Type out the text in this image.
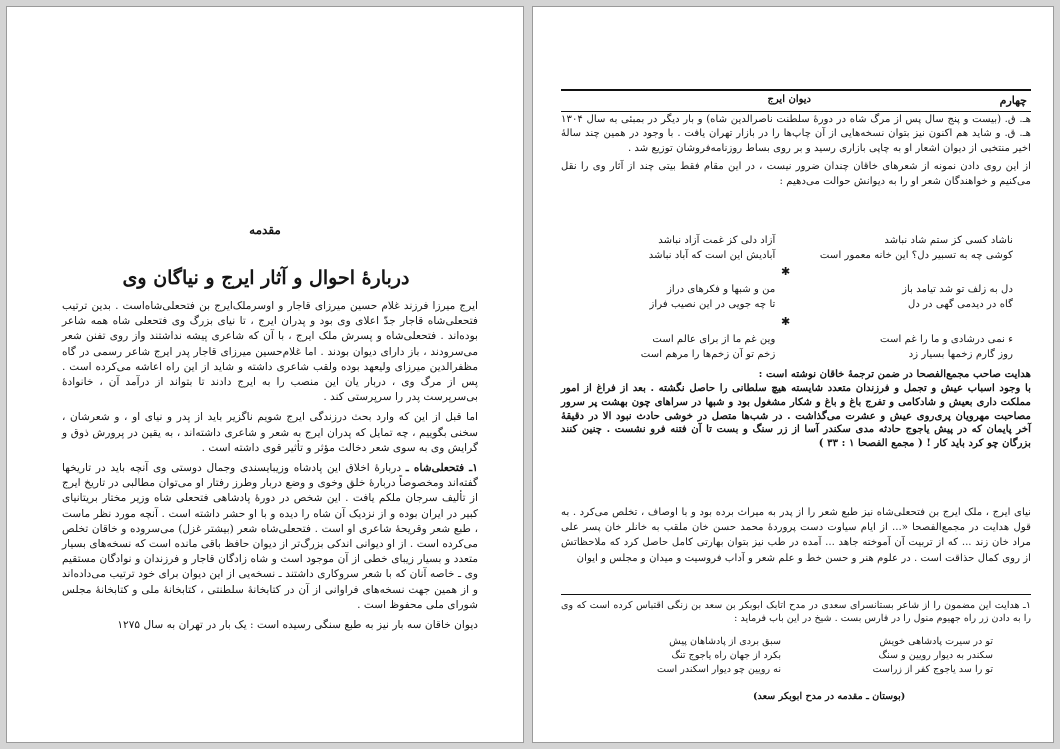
مقدمه
دربارهٔ احوال و آثار ایرج و نیاگان وی

ایرج میرزا فرزند غلام حسین میرزای قاجار و اوسرملک‌ایرج بن فتحعلی‌شاه‌است . بدین ترتیب فتحعلی‌شاه قاجار جدّ اعلای وی بود و پدران ایرج ، تا نیای بزرگ وی فتحعلی شاه همه شاعر بوده‌اند . فتحعلی‌شاه و پسرش ملک ایرج ، با آن که شاعری پیشه نداشتند واز روی تفنن شعر می‌سرودند ، باز دارای دیوان بودند . اما غلام‌حسین میرزای قاجار پدر ایرج شاعر رسمی در گاه مظفرالدین میرزای ولیعهد بوده ولقب شاعری داشته و شاید از این راه اعاشه می‌کرده است . پس از مرگ وی ، دربار یان این منصب را به ایرج دادند تا بتواند از درآمد آن ، خانوادهٔ بی‌سرپرست پدر را سرپرستی کند .

اما قبل از این که وارد بحث درزندگی ایرج شویم ناگزیر باید از پدر و نیای او ، و شعرشان ، سخنی بگوییم ، چه تمایل که پدران ایرج به شعر و شاعری داشته‌اند ، به یقین در پرورش ذوق و گرایش وی به سوی شعر دخالت مؤثر و تأثیر قوی داشته است .

۱ـ فتحعلی‌شاه ـ دربارهٔ اخلاق این پادشاه وزیبایسندی وجمال دوستی وی آنچه باید در تاریخها گفته‌اند ومخصوصاً دربارهٔ خلق وخوی و وضع دربار وطرز رفتار او می‌توان مطالبی در تاریخ ایرج از تألیف سرجان ملکم یافت . این شخص در دورهٔ پادشاهی فتحعلی شاه وزیر مختار بریتانیای کبیر در ایران بوده و از نزدیک آن شاه را دیده و با او حشر داشته است . آنچه مورد نظر ماست ، طبع شعر وقریحهٔ شاعری او است . فتحعلی‌شاه شعر (بیشتر غزل) می‌سروده و خاقان تخلص می‌کرده است . از او دیوانی اندکی بزرگ‌تر از دیوان حافظ باقی مانده است که نسخه‌های بسیار متعدد و بسیار زیبای خطی از آن موجود است و شاه زادگان قاجار و فرزندان و نوادگان مستقیم وی ـ خاصه آنان که با شعر سروکاری داشتند ـ نسخه‌یی از این دیوان برای خود ترتیب می‌داده‌اند و از همین جهت نسخه‌های فراوانی از آن در کتابخانهٔ سلطنتی ، کتابخانهٔ ملی و کتابخانهٔ مجلس شورای ملی محفوظ است .

دیوان خاقان سه بار نیز به طبع سنگی رسیده است : یک بار در تهران به سال ۱۲۷۵

چهارم
دیوان ایرج

هـ. ق. (بیست و پنج سال پس از مرگ شاه در دورهٔ سلطنت ناصرالدین شاه) و بار دیگر در بمبئی به سال ۱۳۰۴ هـ. ق. و شاید هم اکنون نیز بتوان نسخه‌هایی از آن چاپ‌ها را در بازار تهران یافت . با وجود در همین چند سالهٔ اخیر منتخبی از دیوان اشعار او به چاپی بازاری رسید و بر روی بساط روزنامه‌فروشان توزیع شد .

از این روی دادن نمونه از شعرهای خاقان چندان ضرور نیست ، در این مقام فقط بیتی چند از آثار وی را نقل می‌کنیم و خواهندگان شعر او را به دیوانش حوالت می‌دهیم :

ناشاد کسی کز ستم شاد نباشد
آزاد دلی کز غمت آزاد نباشد
کوشی چه به تسبیر دل؟ این خانه معمور است
آبادیش این است که آباد نباشد
✱
دل به زلف تو شد تیامد باز
من و شبها و فکرهای دراز
گاه در دیدمی گهی در دل
تا چه جویی در این نصیب فراز
✱
ء نمی درشادی و ما را غم است
وین غم ما از برای عالم است
روز گارم زخمها بسیار زد
زخم تو آن زخم‌ها را مرهم است
هدایت صاحب مجمع‌الفصحا در ضمن ترجمهٔ خاقان نوشته است :

با وجود اسباب عیش و تجمل و فرزندان متعدد شایسته هیچ سلطانی را حاصل نگشته . بعد از فراغ از امور مملکت داری بعیش و شادکامی و تفرج باغ و باغ و شکار مشغول بود و شبها در سراهای چون بهشت پر سرور مصاحبت مهرویان پری‌روی عیش و عشرت می‌گذاشت . در شب‌ها متصل در خوشی حادث نبود الا در دقیقهٔ آخر پایمان که در پیش یاجوج حادثه مدی سکندر آسا از زر سنگ و بست تا آن فتنه فرو نشست . چنین کنند بزرگان چو کرد باید کار ! ( مجمع الفصحا ۱ : ۳۳ )

نیای ایرج ، ملک ایرج بن فتحعلی‌شاه نیز طبع شعر را از پدر به میراث برده بود و با اوصاف ، تخلص می‌کرد . به قول هدایت در مجمع‌الفصحا «... از ایام سیاوت دست پروردهٔ محمد حسن خان ملقب به خانلر خان پسر علی مراد خان زند ... که از تربیت آن آموخته جاهد ... آمده در طب نیز بتوان بهارتی کامل حاصل کرد که ملاحظاتش از روی کمال حذاقت است . در علوم هنر و حسن خط و علم شعر و آداب فروسیت و میدان و مجلس و ایوان

۱ـ هدایت این مضمون را از شاعر بستانسرای سعدی در مدح اتابک ابوبکر بن سعد بن زنگی اقتباس کرده است که وی را به دادن زر راه جهیوم منول را در فارس بست . شیخ در این باب فرماید :

تو در سیرت پادشاهی خویش
سبق بردی از پادشاهان پیش
سکندر به دیوار رویین و سنگ
بکرد از جهان راه یاجوج تنگ
تو را سد یاجوج کفر از زراست
نه رویین چو دیوار اسکندر است
(بوستان ـ مقدمه در مدح ابوبکر سعد)
